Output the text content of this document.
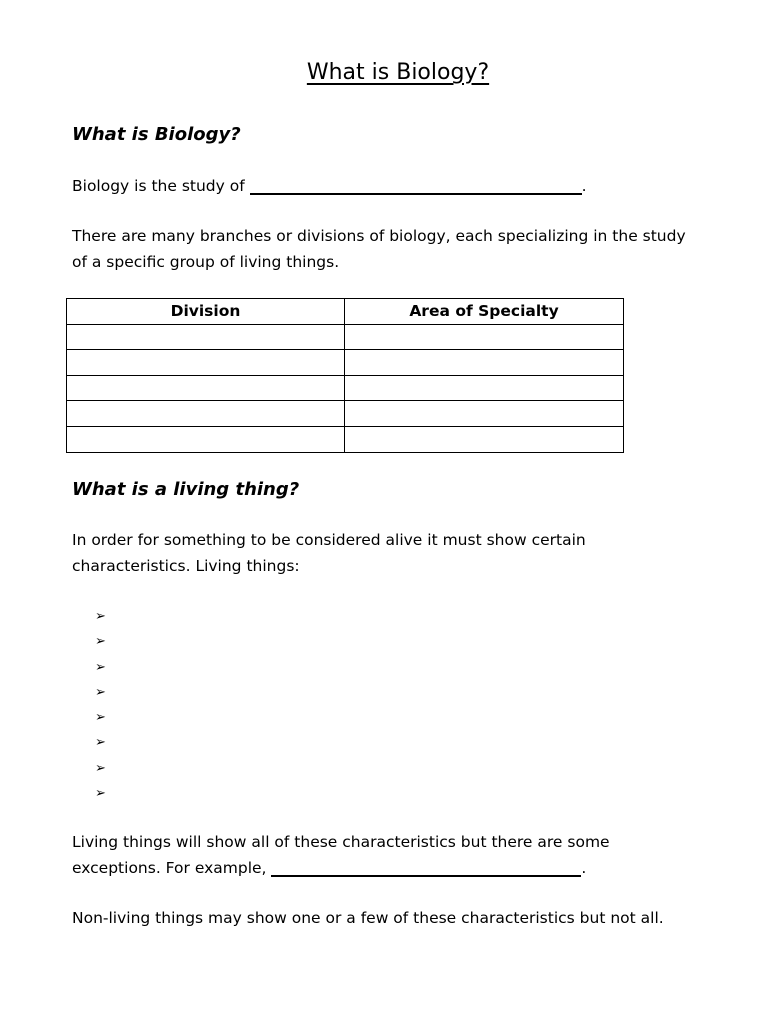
What is Biology?
What is Biology?
Biology is the study of	.
There are many branches or divisions of biology, each specializing in the study
of a specific group of living things.
Division	Area of Specialty

What is a living thing?
In order for something to be considered alive it must show certain
characteristics. Living things:
➢
➢
➢
➢
➢
➢
➢
➢
Living things will show all of these characteristics but there are some
exceptions. For example,	.
Non-living things may show one or a few of these characteristics but not all.
